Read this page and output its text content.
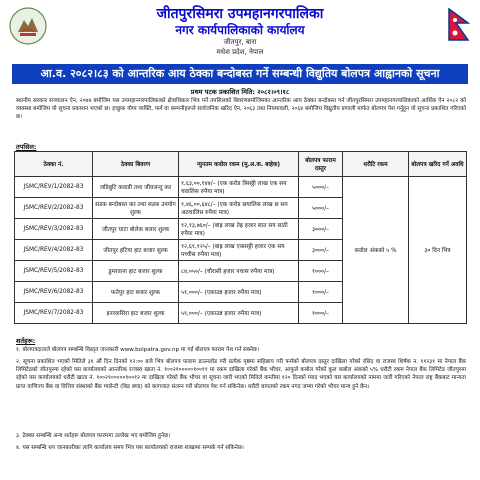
जीतपुरसिमरा उपमहानगरपालिका
नगर कार्यपालिकाको कार्यालय
जीतपुर, बारा
मधेश प्रदेश, नेपाल
आ.व. २०८२।८३ को आन्तरिक आय ठेक्का बन्दोबस्त गर्ने सम्बन्धी विद्युतिय बोलपत्र आह्वानको सूचना
प्रथम पटक प्रकाशित मिति: २०८२।०९।१८
स्थानीय सरकार सञ्चालन ऐन, २०७४ बमोजिम यस उपमहानगरपालिकाको क्षेत्राधिकार भित्र पर्ने तपसिलको बिवरणबमोजिमका आन्तरिक आय ठेक्का बन्दोबस्त गर्न जीतपुरसिमरा उपमहानगरपालिकाको आर्थिक ऐन २०८२ को व्यवस्था बमोजिम यो सूचना प्रकाशन भएको छ। इच्छुक योग्य व्यक्ति, फर्म वा कम्पनीहरूले सार्वजनिक खरिद ऐन, २०६३ तथा नियमावली, २०६४ बमोजिम विद्युतीय प्रणाली मार्फत बोलपत्र पेश गर्नुहुन यो सूचना प्रकाशित गरिएको छ।
तपसिल:
ठेक्का नं.	ठेक्का बिवरण	न्युनतम कवोल रकम (मु.अ.क. बाहेक)	बोलपत्र फाराम दस्तुर	धरौटि रकम	बोलपत्र खरिद गर्ने अवधि
JSMC/REV/1/2082-83	जडिबुटि कवाडी तथा जीवजन्तु कर	१,६३,००,१४४/– (एक करोड त्रिसठ्ठी लाख एक सय चवालिस रुपैया मात्र)	५०००/–	कवोल अंकको ५ %	३० दिन भित्र
JSMC/REV/2/2082-83	सडक बन्दोबस्त कर तथा सडक उपयोग शुल्क	१,४६,००,६४८/– (एक करोड छयालिस लाख छ सय अठचालिस रुपैया मात्र)	५०००/–		
JSMC/REV/3/2082-83	जीतपुर घाटा बोलेक बजार शुल्क	१२,१३,७६०/– (बाह्र लाख तेह्र हजार सात सय साठी रुपैया मात्र)	३०००/–		
JSMC/REV/4/2082-83	जीतपुर हटिया हाट बजार शुल्क	१२,६१,१२५/– (बाह्र लाख एकसठ्ठी हजार एक सय पच्चीस रुपैया मात्र)	३०००/–		
JSMC/REV/5/2082-83	डुमरवाना हाट बजार शुल्क	८४,०५०/– (चौरासी हजार पचास रुपैया मात्र)	१०००/–		
JSMC/REV/6/2082-83	फतेपुर हाट बजार शुल्क	५१,०००/– (एकाउन्न हजार रुपैया मात्र)	१०००/–		
JSMC/REV/7/2082-83	इनरवासिरा हाट बजार शुल्क	५१,०००/– (एकाउन्न हजार रुपैया मात्र)	१०००/–		
शर्तहरू:
१. बोलपत्रदाताले बोलपत्र सम्बन्धि विस्तृत जानकारी www.bolpatra.gov.np मा गई बोलपत्र फाराम पेश गर्न सक्नेछ।
२. सूचना प्रकाशित भएको मितिले ३१ औं दिन दिनको १२:०० बजे भित्र बोलपत्र फाराम डाउनलोड गरी प्रत्येक पृष्ठमा सहिछाप गरी फर्मको बोलपत्र दस्तुर दाखिला गरेको रसिद वा राजस्व शिर्षक न. ११२३१ मा नेपाल बैंक लिमिटेडको जीतपुरमा रहेको यस कार्यालयको आन्तरिक राजस्व खाता नं. १००२१०००००१००११ मा रकम दाखिला गरेको बैंक भौचर, आफुले कबोल गरेको कुल कबोल अंकको ५% धरौटी रकम नेपाल बैंक लिमिटेड जीतपुरमा रहेको यस कार्यालयको धरौटी खाता नं. १००२१०००००१००१२ मा दाखिला गरेको बैंक भौचर वा सूचना जारी भएको मितिले कम्तीमा १२० दिनको म्याद भएको यस कार्यालयको नाममा जारी गरिएको नेपाल राष्ट्र बैंकबाट मान्यता प्राप्त वाणिज्य बैंक वा वित्तिय संस्थाको बैंक ग्यारेन्टी (बिड बण्ड) को कागजात संलग्न गरी बोलपत्र पेश गर्न सकिनेछ। धरौटी बापतको रकम नगद जम्मा गरेको भौचर मान्य हुने छैन।
३. ठेक्का सम्बन्धि अन्य शर्तहरू बोलपत्र फारममा उल्लेख भए बमोजिम हुनेछ।
४. यस सम्बन्धि थप जानकारीका लागि कार्यालय समय भित्र यस कार्यालयको राजस्व शाखामा सम्पर्क गर्न सकिनेछ।
